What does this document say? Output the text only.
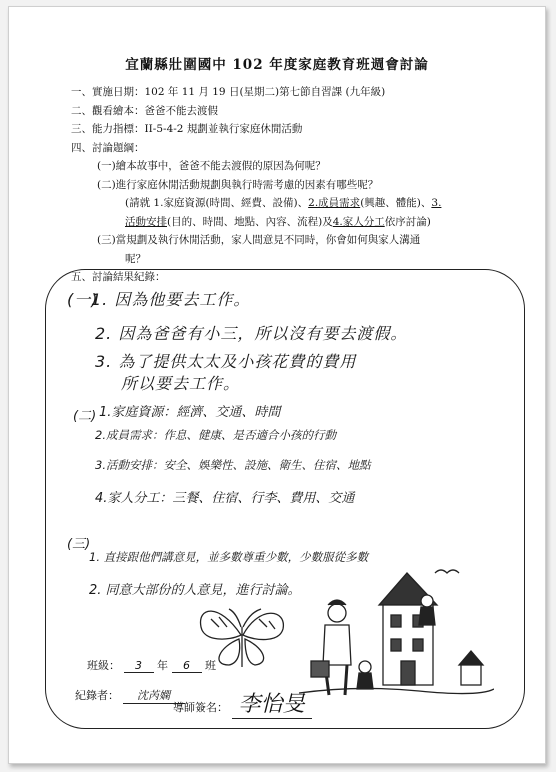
宜蘭縣壯圍國中 102 年度家庭教育班週會討論
一、實施日期：102 年 11 月 19 日(星期二)第七節自習課 (九年級)
二、觀看繪本：爸爸不能去渡假
三、能力指標：II-5-4-2 規劃並執行家庭休閒活動
四、討論題綱：
(一)繪本故事中，爸爸不能去渡假的原因為何呢？
(二)進行家庭休閒活動規劃與執行時需考慮的因素有哪些呢？
(請就 1.家庭資源(時間、經費、設備)、2.成員需求(興趣、體能)、3.
活動安排(目的、時間、地點、內容、流程)及4.家人分工依序討論)
(三)當規劃及執行休閒活動，家人間意見不同時，你會如何與家人溝通
呢？
五、討論結果紀錄：
(一)
1. 因為他要去工作。
2. 因為爸爸有小三，所以沒有要去渡假。
3. 為了提供太太及小孩花費的費用
所以要去工作。
(二) 1.家庭資源：經濟、交通、時間
2.成員需求：作息、健康、是否適合小孩的行動
3.活動安排：安全、娛樂性、設施、衛生、住宿、地點
4.家人分工：三餐、住宿、行李、費用、交通
(三)
1. 直接跟他們講意見，並多數尊重少數，少數服從多數
2. 同意大部份的人意見，進行討論。
班級： 3 年 6 班
紀錄者： 沈芮嫻
導師簽名： 李怡旻
